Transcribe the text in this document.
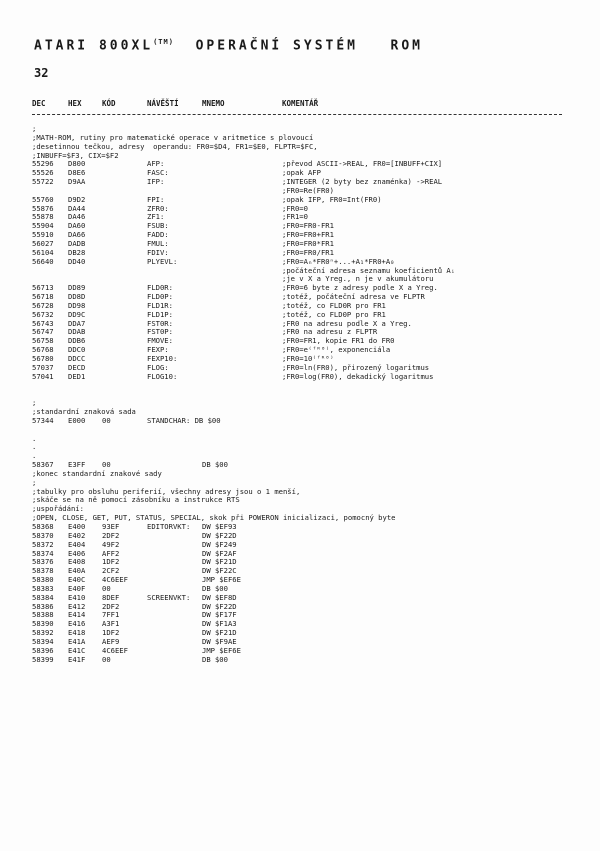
ATARI $800XL^{(TM)}$ OPERAČNÍ SYSTÉM   ROM
32
DEC	HEX	KÓD	NÁVĚŠTÍ	MNEMO	KOMENTÁŘ
;
;MATH-ROM, rutiny pro matematické operace v aritmetice s plovoucí
;desetinnou tečkou, adresy  operandu: FR0=$D4, FR1=$E0, FLPTR=$FC,
;INBUFF=$F3, CIX=$F2
55296 D800	AFP:	;převod ASCII->REAL, FR0=[INBUFF+CIX]
55526 D8E6	FASC:	;opak AFP
55722 D9AA	IFP:	;INTEGER (2 byty bez znaménka) ->REAL
;FR0=Re(FR0)
55760 D9D2	FPI:	;opak IFP, FR0=Int(FR0)
55876 DA44	ZFR0:	;FR0=0
55878 DA46	ZF1:	;FR1=0
55904 DA60	FSUB:	;FR0=FR0-FR1
55910 DA66	FADD:	;FR0=FR0+FR1
56027 DADB	FMUL:	;FR0=FR0*FR1
56104 DB28	FDIV:	;FR0=FR0/FR1
56640 DD40	PLYEVL:	;FR0=Aₙ*FR0ⁿ+...+A₁*FR0+A₀
;počáteční adresa seznamu koeficientů Aᵢ
;je v X a Yreg., n je v akumulátoru
56713 DD89	FLD0R:	;FR0=6 byte z adresy podle X a Yreg.
56718 DD8D	FLD0P:	;totéž, počáteční adresa ve FLPTR
56728 DD98	FLD1R:	;totéž, co FLD0R pro FR1
56732 DD9C	FLD1P:	;totéž, co FLD0P pro FR1
56743 DDA7	FST0R:	;FR0 na adresu podle X a Yreg.
56747 DDAB	FST0P:	;FR0 na adresu z FLPTR
56758 DDB6	FMOVE:	;FR0=FR1, kopie FR1 do FR0
56768 DDC0	FEXP:	;FR0=e⁽ᶠᴿ⁰⁾, exponenciála
56780 DDCC	FEXP10:	;FR0=10⁽ᶠᴿ⁰⁾
57037 DECD	FLOG:	;FR0=ln(FR0), přirozený logaritmus
57041 DED1	FLOG10:	;FR0=log(FR0), dekadický logaritmus
;
;standardní znaková sada
57344 E000 00	STANDCHAR: DB $00
.
.
.
58367 E3FF 00	DB $00
;konec standardní znakové sady
;
;tabulky pro obsluhu periferií, všechny adresy jsou o 1 menší,
;skáče se na ně pomocí zásobníku a instrukce RTS
;uspořádání:
;OPEN, CLOSE, GET, PUT, STATUS, SPECIAL, skok při POWERON inicializaci, pomocný byte
58368 E400 93EF	EDITORVKT: DW $EF93
58370 E402 2DF2	DW $F22D
58372 E404 49F2	DW $F249
58374 E406 AFF2	DW $F2AF
58376 E408 1DF2	DW $F21D
58378 E40A 2CF2	DW $F22C
58380 E40C 4C6EEF	JMP $EF6E
58383 E40F 00	DB $00
58384 E410 8DEF	SCREENVKT: DW $EF8D
58386 E412 2DF2	DW $F22D
58388 E414 7FF1	DW $F17F
58390 E416 A3F1	DW $F1A3
58392 E418 1DF2	DW $F21D
58394 E41A AEF9	DW $F9AE
58396 E41C 4C6EEF	JMP $EF6E
58399 E41F 00	DB $00
